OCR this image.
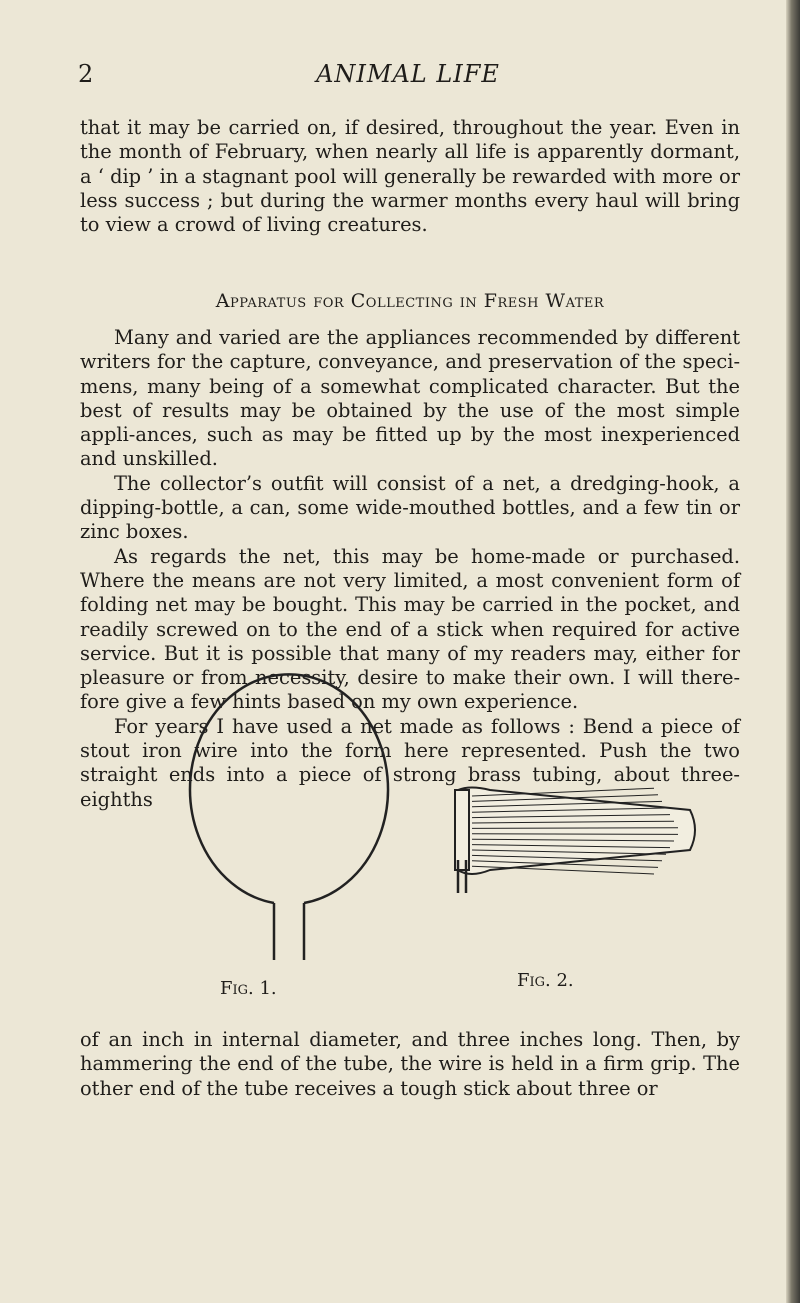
2	ANIMAL LIFE

that it may be carried on, if desired, throughout the year. Even in the month of February, when nearly all life is apparently dormant, a ‘ dip ’ in a stagnant pool will generally be rewarded with more or less success ; but during the warmer months every haul will bring to view a crowd of living creatures.

Apparatus for Collecting in Fresh Water

Many and varied are the appliances recommended by different writers for the capture, conveyance, and preservation of the speci-mens, many being of a somewhat complicated character. But the best of results may be obtained by the use of the most simple appli-ances, such as may be fitted up by the most inexperienced and unskilled.

The collector’s outfit will consist of a net, a dredging-hook, a dipping-bottle, a can, some wide-mouthed bottles, and a few tin or zinc boxes.

As regards the net, this may be home-made or purchased. Where the means are not very limited, a most convenient form of folding net may be bought. This may be carried in the pocket, and readily screwed on to the end of a stick when required for active service. But it is possible that many of my readers may, either for pleasure or from necessity, desire to make their own. I will there-fore give a few hints based on my own experience.

For years I have used a net made as follows : Bend a piece of stout iron wire into the form here represented. Push the two straight ends into a piece of strong brass tubing, about three-eighths

Fig. 1.	Fig. 2.

of an inch in internal diameter, and three inches long. Then, by hammering the end of the tube, the wire is held in a firm grip. The other end of the tube receives a tough stick about three or
